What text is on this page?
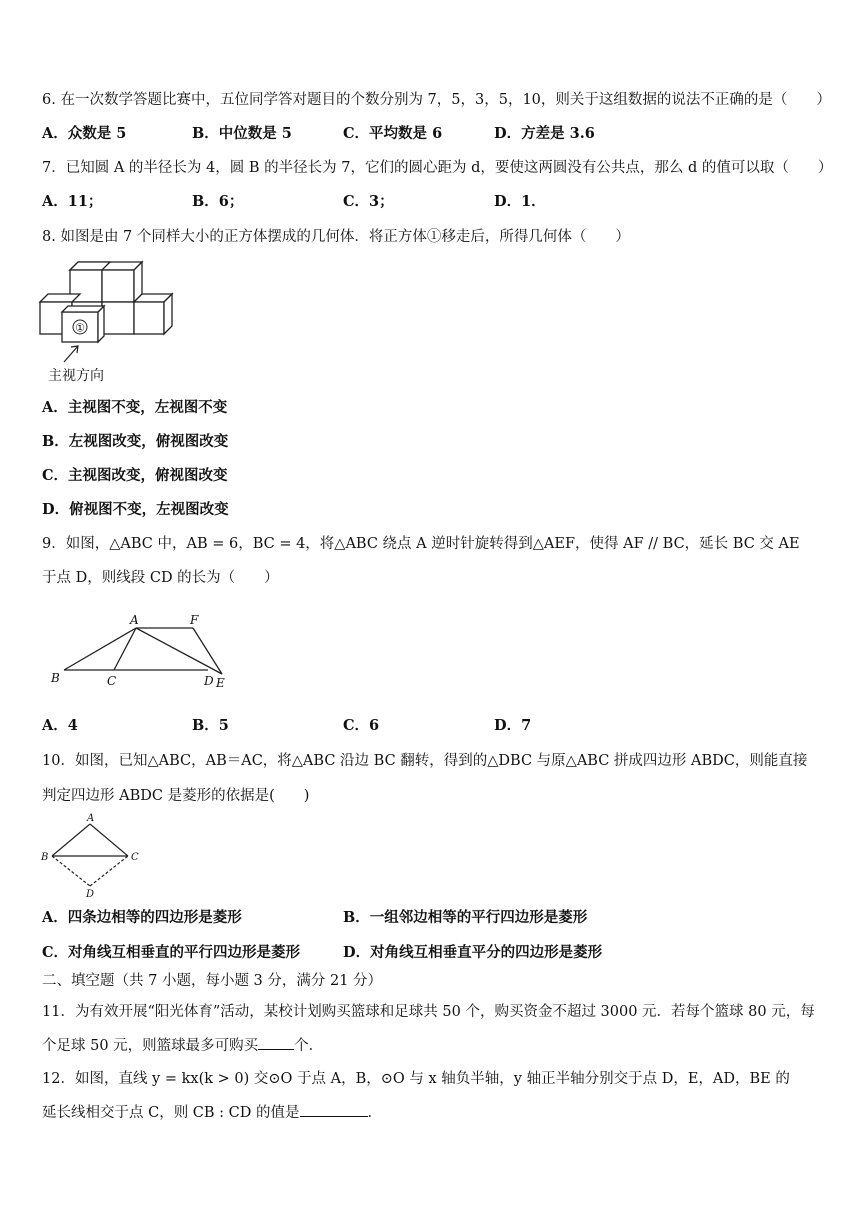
6. 在一次数学答题比赛中，五位同学答对题目的个数分别为 7，5，3，5，10，则关于这组数据的说法不正确的是（　　）
A．众数是 5	B．中位数是 5	C．平均数是 6	D．方差是 3.6
7．已知圆 A 的半径长为 4，圆 B 的半径长为 7，它们的圆心距为 d，要使这两圆没有公共点，那么 d 的值可以取（　　）
A．11；	B．6；	C．3；	D．1．
8. 如图是由 7 个同样大小的正方体摆成的几何体．将正方体①移走后，所得几何体（　　）
①
主视方向
A．主视图不变，左视图不变
B．左视图改变，俯视图改变
C．主视图改变，俯视图改变
D．俯视图不变，左视图改变
9．如图，△ABC 中，AB = 6，BC = 4，将△ABC 绕点 A 逆时针旋转得到△AEF，使得 AF // BC，延长 BC 交 AE
于点 D，则线段 CD 的长为（　　）
A	F
B	C	D E
A．4	B．5	C．6	D．7
10．如图，已知△ABC，AB＝AC，将△ABC 沿边 BC 翻转，得到的△DBC 与原△ABC 拼成四边形 ABDC，则能直接
判定四边形 ABDC 是菱形的依据是(　　)
A
B	C
D
A．四条边相等的四边形是菱形	B．一组邻边相等的平行四边形是菱形
C．对角线互相垂直的平行四边形是菱形	D．对角线互相垂直平分的四边形是菱形
二、填空题（共 7 小题，每小题 3 分，满分 21 分）
11．为有效开展“阳光体育”活动，某校计划购买篮球和足球共 50 个，购买资金不超过 3000 元．若每个篮球 80 元，每
个足球 50 元，则篮球最多可购买 个．
12．如图，直线 y = kx(k > 0) 交⊙O 于点 A，B，⊙O 与 x 轴负半轴，y 轴正半轴分别交于点 D，E，AD，BE 的
延长线相交于点 C，则 CB : CD 的值是	．
